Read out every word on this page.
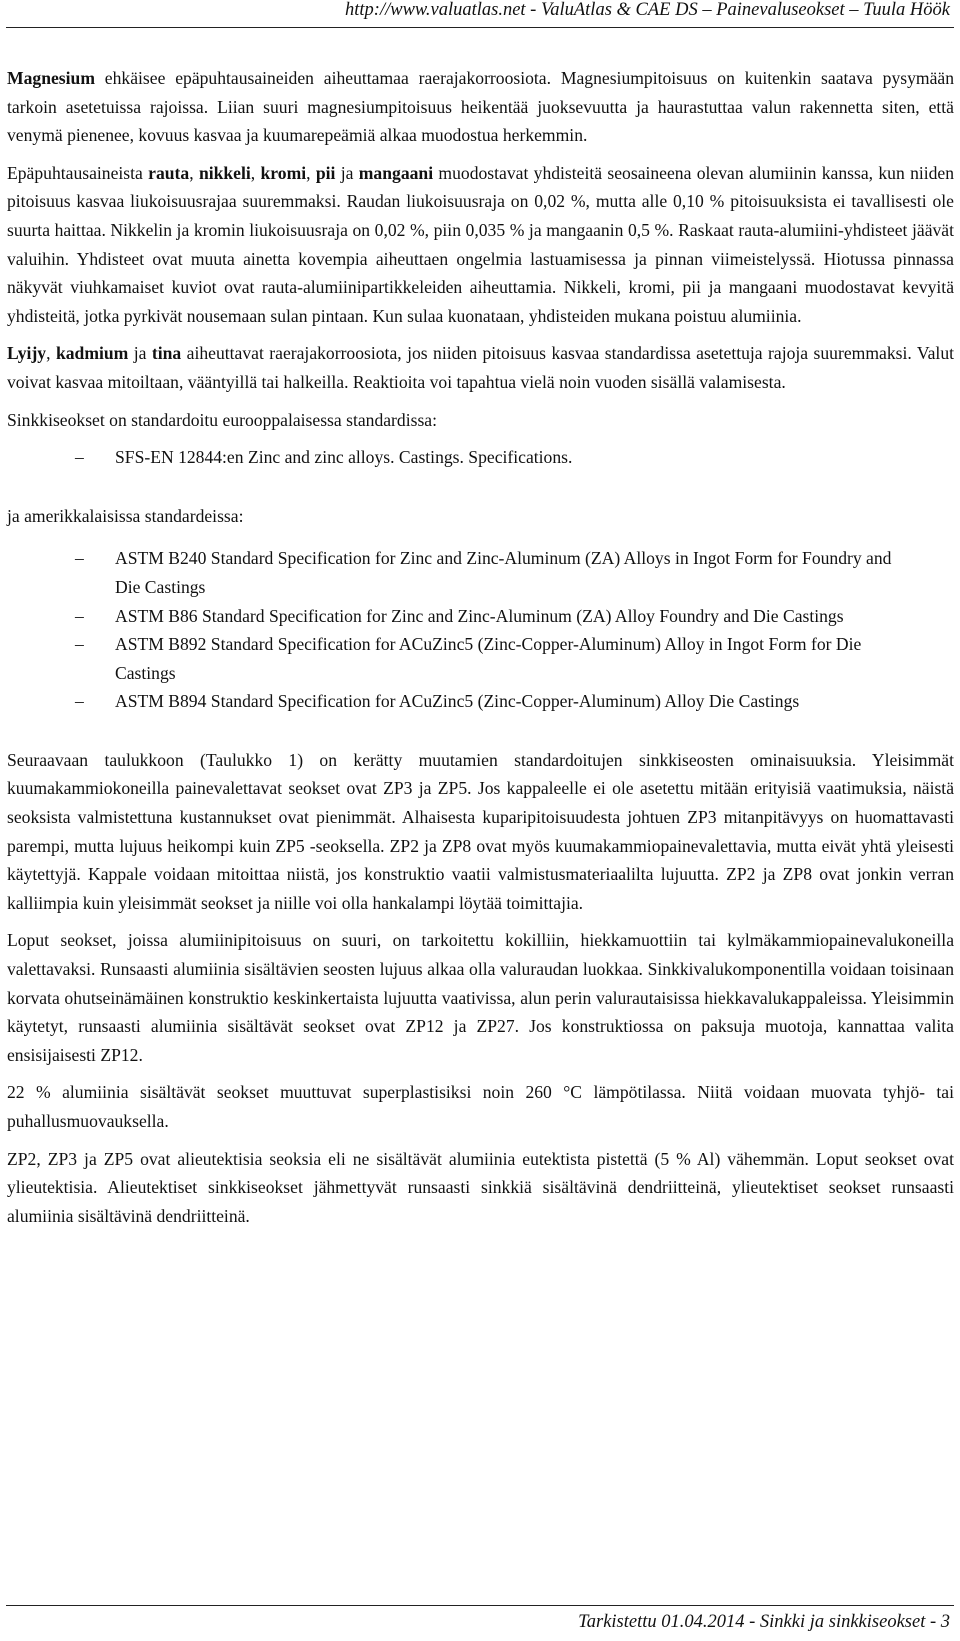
http://www.valuatlas.net - ValuAtlas & CAE DS – Painevaluseokset – Tuula Höök

Magnesium ehkäisee epäpuhtausaineiden aiheuttamaa raerajakorroosiota. Magnesiumpitoisuus on kuitenkin saatava pysymään tarkoin asetetuissa rajoissa. Liian suuri magnesiumpitoisuus heikentää juoksevuutta ja haurastuttaa valun rakennetta siten, että venymä pienenee, kovuus kasvaa ja kuumarepeämiä alkaa muodostua herkemmin.

Epäpuhtausaineista rauta, nikkeli, kromi, pii ja mangaani muodostavat yhdisteitä seosaineena olevan alumiinin kanssa, kun niiden pitoisuus kasvaa liukoisuusrajaa suuremmaksi. Raudan liukoisuusraja on 0,02 %, mutta alle 0,10 % pitoisuuksista ei tavallisesti ole suurta haittaa. Nikkelin ja kromin liukoisuusraja on 0,02 %, piin 0,035 % ja mangaanin 0,5 %. Raskaat rauta-alumiini-yhdisteet jäävät valuihin. Yhdisteet ovat muuta ainetta kovempia aiheuttaen ongelmia lastuamisessa ja pinnan viimeistelyssä. Hiotussa pinnassa näkyvät viuhkamaiset kuviot ovat rauta-alumiinipartikkeleiden aiheuttamia. Nikkeli, kromi, pii ja mangaani muodostavat kevyitä yhdisteitä, jotka pyrkivät nousemaan sulan pintaan. Kun sulaa kuonataan, yhdisteiden mukana poistuu alumiinia.

Lyijy, kadmium ja tina aiheuttavat raerajakorroosiota, jos niiden pitoisuus kasvaa standardissa asetettuja rajoja suuremmaksi. Valut voivat kasvaa mitoiltaan, vääntyillä tai halkeilla. Reaktioita voi tapahtua vielä noin vuoden sisällä valamisesta.

Sinkkiseokset on standardoitu eurooppalaisessa standardissa:

– SFS-EN 12844:en Zinc and zinc alloys. Castings. Specifications.

ja amerikkalaisissa standardeissa:

– ASTM B240 Standard Specification for Zinc and Zinc-Aluminum (ZA) Alloys in Ingot Form for Foundry and Die Castings
– ASTM B86 Standard Specification for Zinc and Zinc-Aluminum (ZA) Alloy Foundry and Die Castings
– ASTM B892 Standard Specification for ACuZinc5 (Zinc-Copper-Aluminum) Alloy in Ingot Form for Die Castings
– ASTM B894 Standard Specification for ACuZinc5 (Zinc-Copper-Aluminum) Alloy Die Castings

Seuraavaan taulukkoon (Taulukko 1) on kerätty muutamien standardoitujen sinkkiseosten ominaisuuksia. Yleisimmät kuumakammiokoneilla painevalettavat seokset ovat ZP3 ja ZP5. Jos kappaleelle ei ole asetettu mitään erityisiä vaatimuksia, näistä seoksista valmistettuna kustannukset ovat pienimmät. Alhaisesta kuparipitoisuudesta johtuen ZP3 mitanpitävyys on huomattavasti parempi, mutta lujuus heikompi kuin ZP5 -seoksella. ZP2 ja ZP8 ovat myös kuumakammiopainevalettavia, mutta eivät yhtä yleisesti käytettyjä. Kappale voidaan mitoittaa niistä, jos konstruktio vaatii valmistusmateriaalilta lujuutta. ZP2 ja ZP8 ovat jonkin verran kalliimpia kuin yleisimmät seokset ja niille voi olla hankalampi löytää toimittajia.

Loput seokset, joissa alumiinipitoisuus on suuri, on tarkoitettu kokilliin, hiekkamuottiin tai kylmäkammiopainevalukoneilla valettavaksi. Runsaasti alumiinia sisältävien seosten lujuus alkaa olla valuraudan luokkaa. Sinkkivalukomponentilla voidaan toisinaan korvata ohutseinämäinen konstruktio keskinkertaista lujuutta vaativissa, alun perin valurautaisissa hiekkavalukappaleissa. Yleisimmin käytetyt, runsaasti alumiinia sisältävät seokset ovat ZP12 ja ZP27. Jos konstruktiossa on paksuja muotoja, kannattaa valita ensisijaisesti ZP12.

22 % alumiinia sisältävät seokset muuttuvat superplastisiksi noin 260 °C lämpötilassa. Niitä voidaan muovata tyhjö- tai puhallusmuovauksella.

ZP2, ZP3 ja ZP5 ovat alieutektisia seoksia eli ne sisältävät alumiinia eutektista pistettä (5 % Al) vähemmän. Loput seokset ovat ylieutektisia. Alieutektiset sinkkiseokset jähmettyvät runsaasti sinkkiä sisältävinä dendriitteinä, ylieutektiset seokset runsaasti alumiinia sisältävinä dendriitteinä.

Tarkistettu 01.04.2014 - Sinkki ja sinkkiseokset - 3
